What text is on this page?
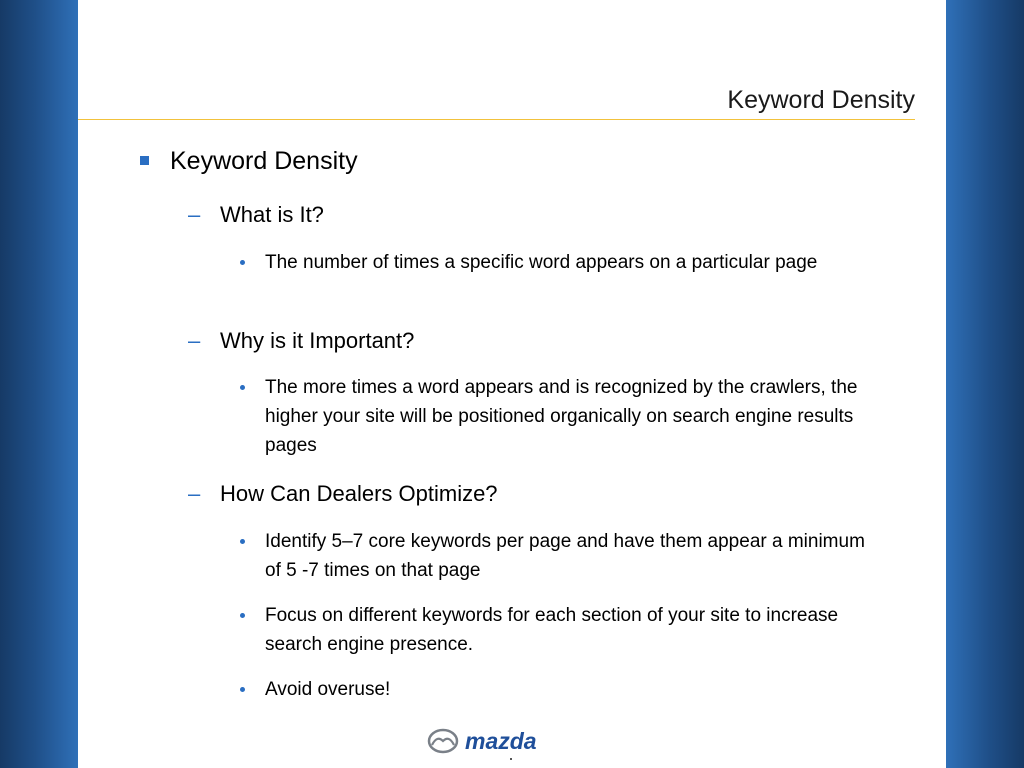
Keyword Density
Keyword Density
– What is It?
The number of times a specific word appears on a particular page
– Why is it Important?
The more times a word appears and is recognized by the crawlers, the higher your site will be positioned organically on search engine results pages
– How Can Dealers Optimize?
Identify 5–7 core keywords per page and have them appear a minimum of 5 -7 times on that page
Focus on different keywords for each section of your site to increase search engine presence.
Avoid overuse!
mazda
